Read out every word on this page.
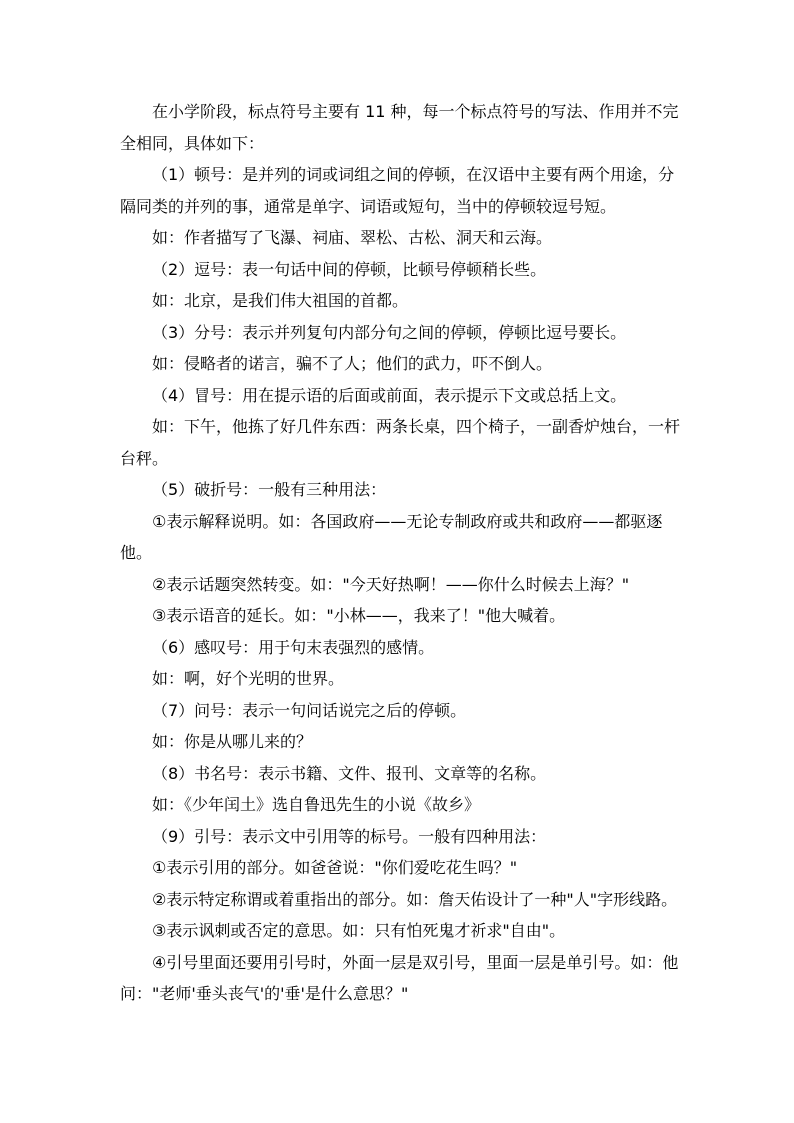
在小学阶段，标点符号主要有 11 种，每一个标点符号的写法、作用并不完全相同，具体如下：

（1）顿号：是并列的词或词组之间的停顿，在汉语中主要有两个用途，分隔同类的并列的事，通常是单字、词语或短句，当中的停顿较逗号短。

如：作者描写了飞瀑、祠庙、翠松、古松、洞天和云海。

（2）逗号：表一句话中间的停顿，比顿号停顿稍长些。

如：北京，是我们伟大祖国的首都。

（3）分号：表示并列复句内部分句之间的停顿，停顿比逗号要长。

如：侵略者的诺言，骗不了人；他们的武力，吓不倒人。

（4）冒号：用在提示语的后面或前面，表示提示下文或总括上文。

如：下午，他拣了好几件东西：两条长桌，四个椅子，一副香炉烛台，一杆台秤。

（5）破折号：一般有三种用法：

①表示解释说明。如：各国政府——无论专制政府或共和政府——都驱逐他。

②表示话题突然转变。如："今天好热啊！——你什么时候去上海？"

③表示语音的延长。如："小林——，我来了！"他大喊着。

（6）感叹号：用于句末表强烈的感情。

如：啊，好个光明的世界。

（7）问号：表示一句问话说完之后的停顿。

如：你是从哪儿来的？

（8）书名号：表示书籍、文件、报刊、文章等的名称。

如：《少年闰土》选自鲁迅先生的小说《故乡》

（9）引号：表示文中引用等的标号。一般有四种用法：

①表示引用的部分。如爸爸说："你们爱吃花生吗？"

②表示特定称谓或着重指出的部分。如：詹天佑设计了一种"人"字形线路。

③表示讽刺或否定的意思。如：只有怕死鬼才祈求"自由"。

④引号里面还要用引号时，外面一层是双引号，里面一层是单引号。如：他问："老师'垂头丧气'的'垂'是什么意思？"
